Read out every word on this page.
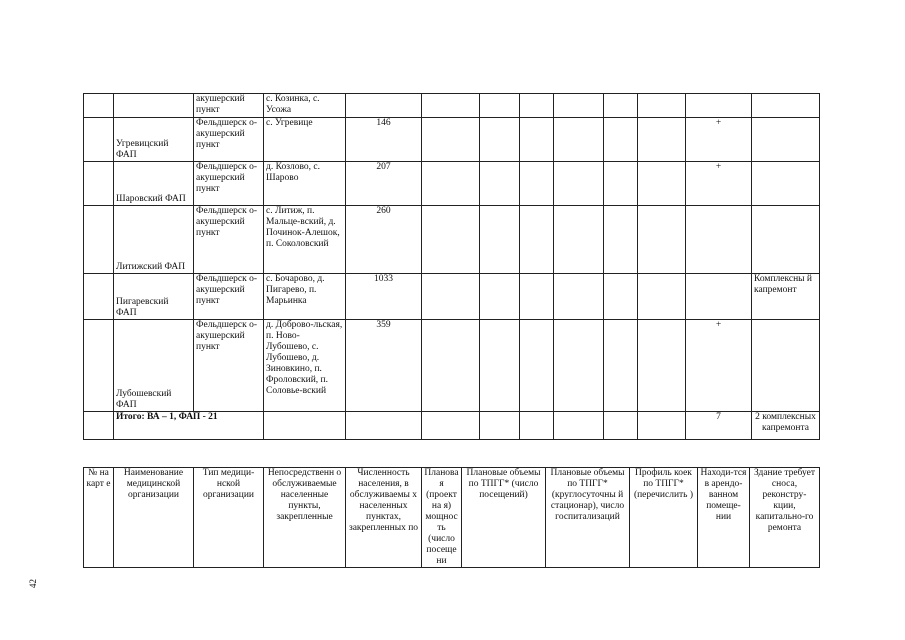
		акушерский пункт	с. Козинка, с. Усожа									
	Угревицский ФАП	Фельдшерск о-акушерский пункт	с. Угревице	146							+	
	Шаровский ФАП	Фельдшерск о-акушерский пункт	д. Козлово, с. Шарово	207							+	
	Литижский ФАП	Фельдшерск о-акушерский пункт	с. Литиж, п. Мальце-вский, д. Починок-Алешок, п. Соколовский	260								
	Пигаревский ФАП	Фельдшерск о-акушерский пункт	с. Бочарово, д. Пигарево, п. Марьинка	1033								Комплексны й капремонт
	Лубошевский ФАП	Фельдшерск о-акушерский пункт	д. Доброво-льская, п. Ново-Лубошево, с. Лубошево, д. Зиновкино, п. Фроловский, п. Соловье-вский	359							+	
	Итого: ВА – 1, ФАП - 21										7	2 комплексных капремонта
№ на карт е	Наименование медицинской организации	Тип медици-нской организации	Непосредственн о обслуживаемые населенные пункты, закрепленные	Численность населения, в обслуживаемы х населенных пунктах, закрепленных по	Плановая (проектна я) мощность (число посещени	Плановые объемы по ТПГГ* (число посещений)	Плановые объемы по ТПГГ* (круглосуточны й стационар), число госпитализаций	Профиль коек по ТПГГ* (перечислить )	Находи-тся в арендо-ванном помеще-нии	Здание требует сноса, реконстру-кции, капитально-го ремонта
42
